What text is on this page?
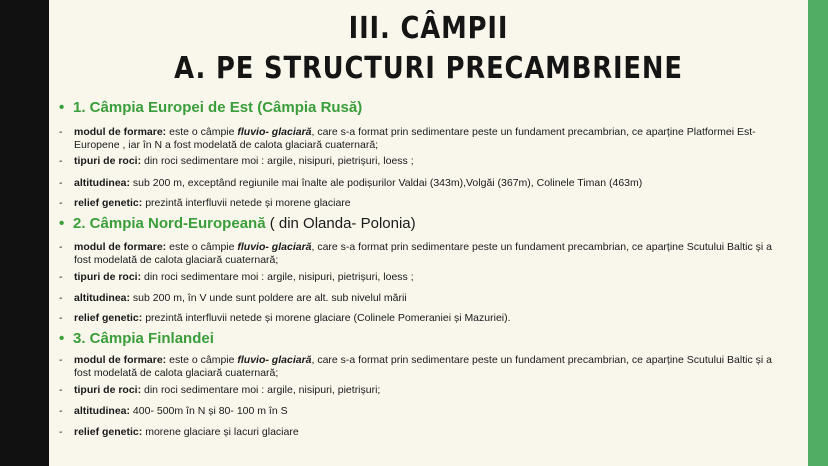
III. CÂMPII
A. PE STRUCTURI PRECAMBRIENE
• 1. Câmpia Europei de Est (Câmpia Rusă)
-	modul de formare: este o câmpie fluvio- glaciară, care s-a format prin sedimentare peste un fundament precambrian, ce aparține Platformei Est- Europene , iar în N a fost modelată de calota glaciară cuaternară;
-	tipuri de roci: din roci sedimentare moi : argile, nisipuri, pietrișuri, loess ;
-	altitudinea: sub 200 m, exceptând regiunile mai înalte ale podișurilor Valdai (343m),Volgăi (367m), Colinele Timan (463m)
-	relief genetic: prezintă interfluvii netede și morene glaciare
• 2. Câmpia Nord-Europeană ( din Olanda- Polonia)
-	modul de formare: este o câmpie fluvio- glaciară, care s-a format prin sedimentare peste un fundament precambrian, ce aparține Scutului Baltic și a fost modelată de calota glaciară cuaternară;
-	tipuri de roci: din roci sedimentare moi : argile, nisipuri, pietrișuri, loess ;
-	altitudinea: sub 200 m, în V unde sunt poldere are alt. sub nivelul mării
-	relief genetic: prezintă interfluvii netede și morene glaciare (Colinele Pomeraniei și Mazuriei).
• 3. Câmpia Finlandei
-	modul de formare: este o câmpie fluvio- glaciară, care s-a format prin sedimentare peste un fundament precambrian, ce aparține Scutului Baltic și a fost modelată de calota glaciară cuaternară;
-	tipuri de roci: din roci sedimentare moi : argile, nisipuri, pietrișuri;
-	altitudinea: 400- 500m în N și 80- 100 m în S
-	relief genetic: morene glaciare și lacuri glaciare
